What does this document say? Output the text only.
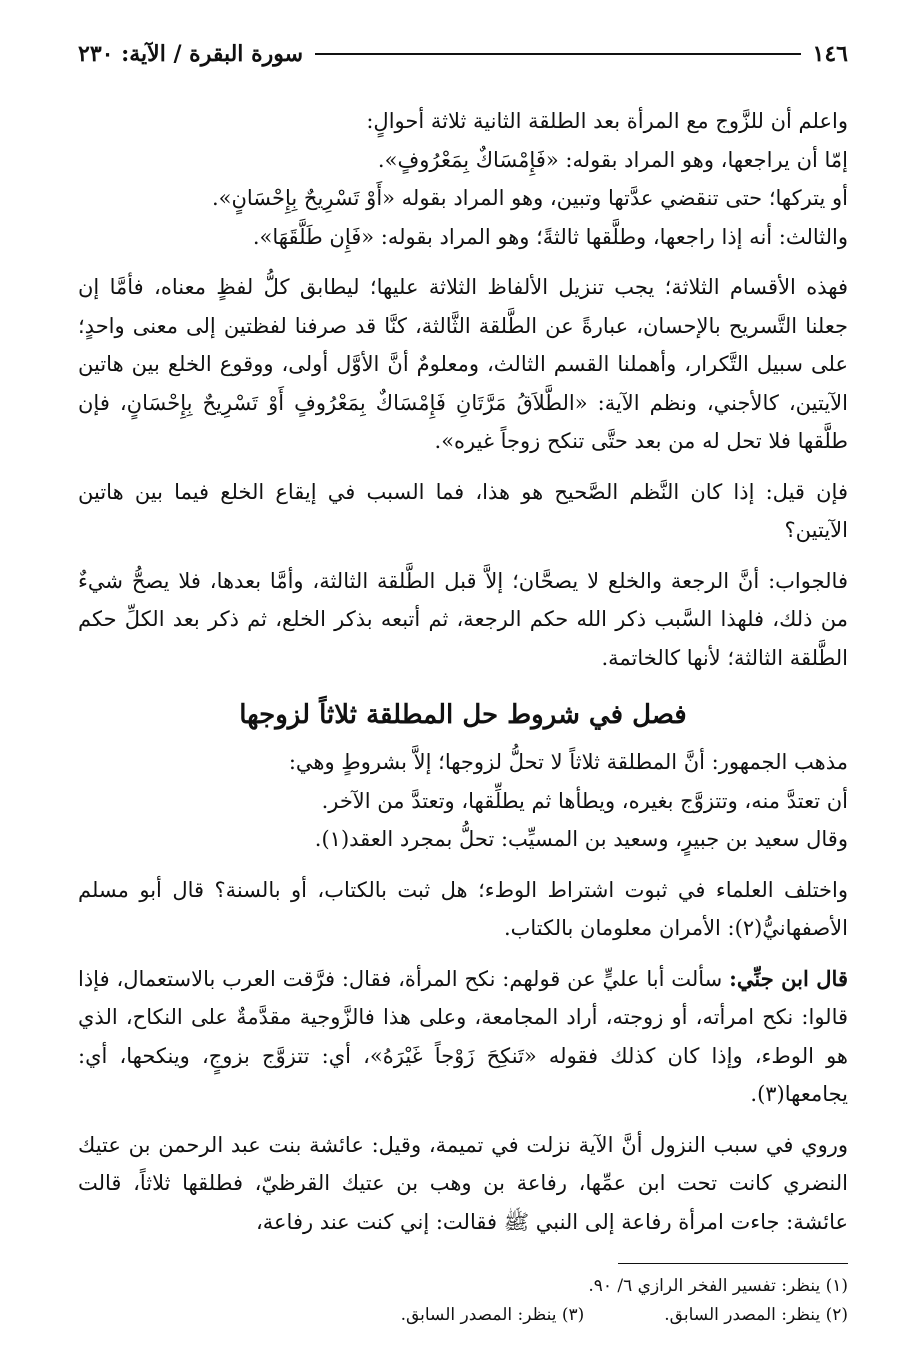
١٤٦
سورة البقرة / الآية: ٢٣٠

واعلم أن للزَّوج مع المرأة بعد الطلقة الثانية ثلاثة أحوالٍ:

إمّا أن يراجعها، وهو المراد بقوله: «فَإِمْسَاكٌ بِمَعْرُوفٍ».

أو يتركها؛ حتى تنقضي عدَّتها وتبين، وهو المراد بقوله «أَوْ تَسْرِيحٌ بِإِحْسَانٍ».

والثالث: أنه إذا راجعها، وطلَّقها ثالثةً؛ وهو المراد بقوله: «فَإِن طَلَّقَهَا».

فهذه الأقسام الثلاثة؛ يجب تنزيل الألفاظ الثلاثة عليها؛ ليطابق كلُّ لفظٍ معناه، فأمَّا إن جعلنا التَّسريح بالإحسان، عبارةً عن الطَّلقة الثَّالثة، كنَّا قد صرفنا لفظتين إلى معنى واحدٍ؛ على سبيل التَّكرار، وأهملنا القسم الثالث، ومعلومٌ أنَّ الأوَّل أولى، ووقوع الخلع بين هاتين الآيتين، كالأجني، ونظم الآية: «الطَّلاَقُ مَرَّتَانِ فَإِمْسَاكٌ بِمَعْرُوفٍ أَوْ تَسْرِيحٌ بِإِحْسَانٍ، فإن طلَّقها فلا تحل له من بعد حتَّى تنكح زوجاً غيره».

فإن قيل: إذا كان النَّظم الصَّحيح هو هذا، فما السبب في إيقاع الخلع فيما بين هاتين الآيتين؟

فالجواب: أنَّ الرجعة والخلع لا يصحَّان؛ إلاَّ قبل الطَّلقة الثالثة، وأمَّا بعدها، فلا يصحُّ شيءٌ من ذلك، فلهذا السَّبب ذكر الله حكم الرجعة، ثم أتبعه بذكر الخلع، ثم ذكر بعد الكلِّ حكم الطَّلقة الثالثة؛ لأنها كالخاتمة.

فصل في شروط حل المطلقة ثلاثاً لزوجها

مذهب الجمهور: أنَّ المطلقة ثلاثاً لا تحلُّ لزوجها؛ إلاَّ بشروطٍ وهي:

أن تعتدَّ منه، وتتزوَّج بغيره، ويطأها ثم يطلِّقها، وتعتدَّ من الآخر.

وقال سعيد بن جبيرٍ، وسعيد بن المسيِّب: تحلُّ بمجرد العقد(١).

واختلف العلماء في ثبوت اشتراط الوطء؛ هل ثبت بالكتاب، أو بالسنة؟ قال أبو مسلم الأصفهانيُّ(٢): الأمران معلومان بالكتاب.

قال ابن جنِّي: سألت أبا عليٍّ عن قولهم: نكح المرأة، فقال: فرَّقت العرب بالاستعمال، فإذا قالوا: نكح امرأته، أو زوجته، أراد المجامعة، وعلى هذا فالزَّوجية مقدَّمةٌ على النكاح، الذي هو الوطء، وإذا كان كذلك فقوله «تَنكِحَ زَوْجاً غَيْرَهُ»، أي: تتزوَّج بزوجٍ، وينكحها، أي: يجامعها(٣).

وروي في سبب النزول أنَّ الآية نزلت في تميمة، وقيل: عائشة بنت عبد الرحمن بن عتيك النضري كانت تحت ابن عمِّها، رفاعة بن وهب بن عتيك القرظيّ، فطلقها ثلاثاً، قالت عائشة: جاءت امرأة رفاعة إلى النبي ﷺ فقالت: إني كنت عند رفاعة،

(١) ينظر: تفسير الفخر الرازي ٦/ ٩٠.
(٢) ينظر: المصدر السابق.
(٣) ينظر: المصدر السابق.
